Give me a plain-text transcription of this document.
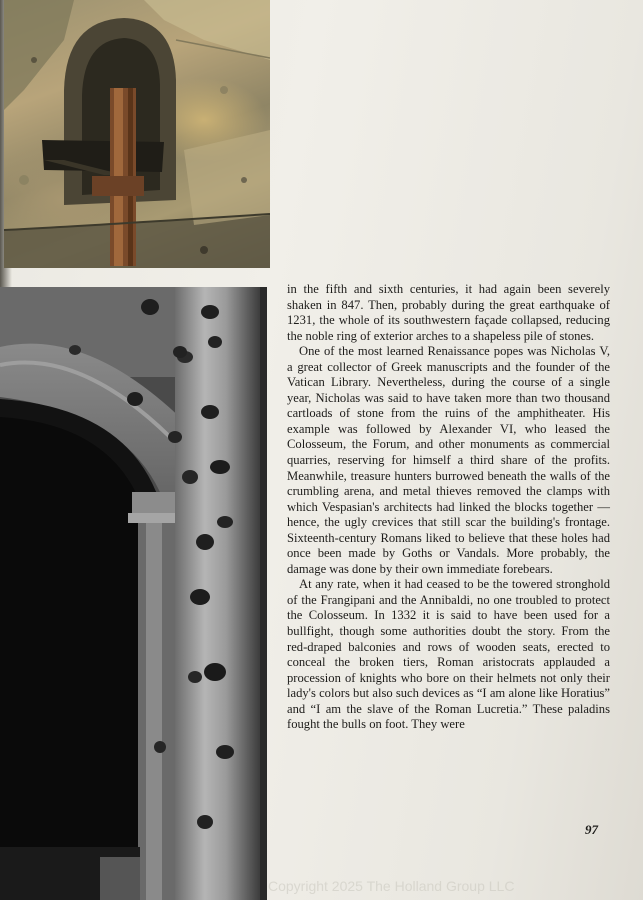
in the fifth and sixth centuries, it had again been severely shaken in 847. Then, probably during the great earthquake of 1231, the whole of its southwestern façade collapsed, reducing the noble ring of exterior arches to a shapeless pile of stones.

One of the most learned Renaissance popes was Nicholas V, a great collector of Greek manuscripts and the founder of the Vatican Library. Nevertheless, during the course of a single year, Nicholas was said to have taken more than two thousand cartloads of stone from the ruins of the amphitheater. His example was followed by Alexander VI, who leased the Colosseum, the Forum, and other monuments as commercial quarries, reserving for himself a third share of the profits. Meanwhile, treasure hunters burrowed beneath the walls of the crumbling arena, and metal thieves removed the clamps with which Vespasian's architects had linked the blocks together — hence, the ugly crevices that still scar the building's frontage. Sixteenth-century Romans liked to believe that these holes had once been made by Goths or Vandals. More probably, the damage was done by their own immediate forebears.

At any rate, when it had ceased to be the towered stronghold of the Frangipani and the Annibaldi, no one troubled to protect the Colosseum. In 1332 it is said to have been used for a bullfight, though some authorities doubt the story. From the red-draped balconies and rows of wooden seats, erected to conceal the broken tiers, Roman aristocrats applauded a procession of knights who bore on their helmets not only their lady's colors but also such devices as “I am alone like Horatius” and “I am the slave of the Roman Lucretia.” These paladins fought the bulls on foot. They were

97
Copyright 2025 The Holland Group LLC
